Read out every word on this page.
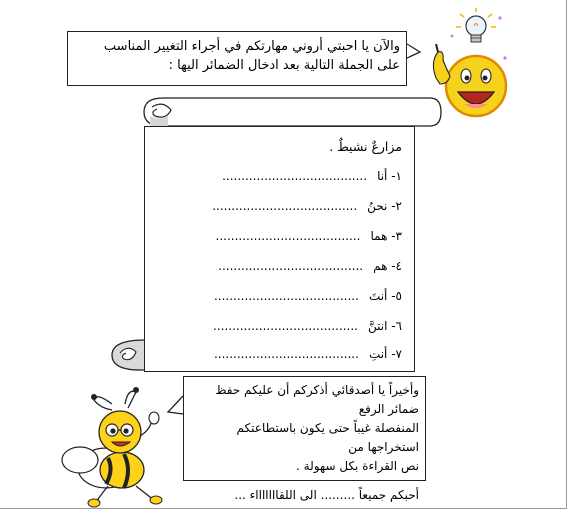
والآن يا احبتي أروني مهارتكم في أجراء التغيير المناسب
على الجملة التالية بعد ادخال الضمائر اليها :
مزارعٌ نشيطٌ .
١- أنا......................................
٢- نحنُ......................................
٣- هما......................................
٤- هم......................................
٥- أنتَ......................................
٦- انتنَّ......................................
٧- أنتِ......................................
وأخيراً يا أصدقائي أذكركم أن عليكم حفظ ضمائر الرفع
المنفصلة غيباً حتى يكون باستطاعتكم استخراجها من
نص القراءة بكل سهولة .
أحبكم جميعاً ......... الى اللقاااااااء ...
